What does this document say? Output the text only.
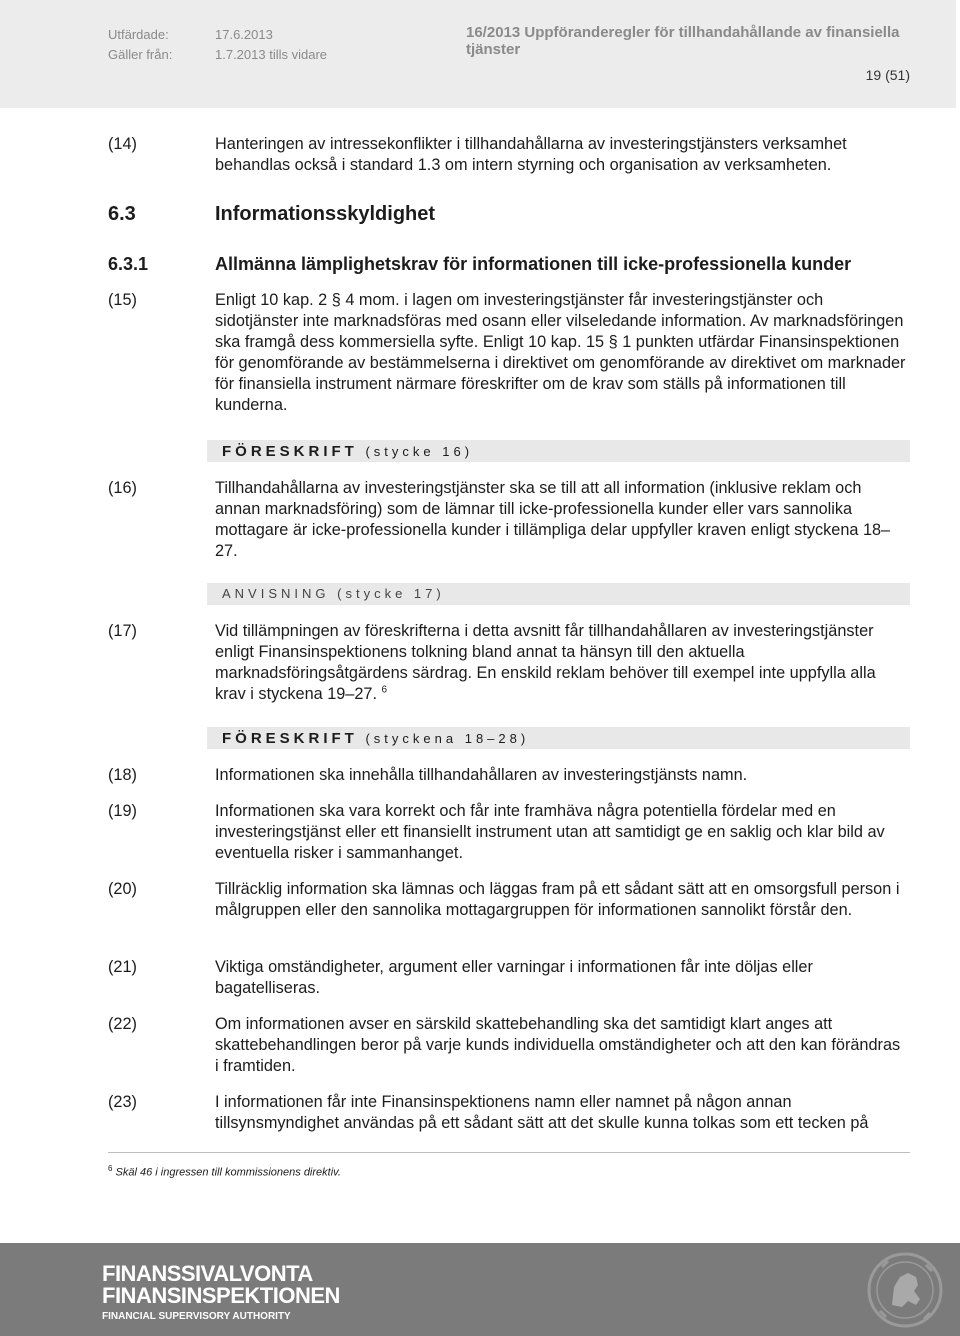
Utfärdade:	17.6.2013
Gäller från:	1.7.2013 tills vidare
16/2013 Uppföranderegler för tillhandahållande av finansiella tjänster
19 (51)
(14)	Hanteringen av intressekonflikter i tillhandahållarna av investeringstjänsters verksamhet behandlas också i standard 1.3 om intern styrning och organisation av verksamheten.
6.3	Informationsskyldighet
6.3.1	Allmänna lämplighetskrav för informationen till icke-professionella kunder
(15)	Enligt 10 kap. 2 § 4 mom. i lagen om investeringstjänster får investeringstjänster och sidotjänster inte marknadsföras med osann eller vilseledande information. Av marknadsföringen ska framgå dess kommersiella syfte. Enligt 10 kap. 15 § 1 punkten utfärdar Finansinspektionen för genomförande av bestämmelserna i direktivet om genomförande av direktivet om marknader för finansiella instrument närmare föreskrifter om de krav som ställs på informationen till kunderna.
FÖRESKRIFT (stycke 16)
(16)	Tillhandahållarna av investeringstjänster ska se till att all information (inklusive reklam och annan marknadsföring) som de lämnar till icke-professionella kunder eller vars sannolika mottagare är icke-professionella kunder i tillämpliga delar uppfyller kraven enligt styckena 18–27.
ANVISNING (stycke 17)
(17)	Vid tillämpningen av föreskrifterna i detta avsnitt får tillhandahållaren av investeringstjänster enligt Finansinspektionens tolkning bland annat ta hänsyn till den aktuella marknadsföringsåtgärdens särdrag. En enskild reklam behöver till exempel inte uppfylla alla krav i styckena 19–27. $^6$
FÖRESKRIFT (styckena 18–28)
(18)	Informationen ska innehålla tillhandahållaren av investeringstjänsts namn.
(19)	Informationen ska vara korrekt och får inte framhäva några potentiella fördelar med en investeringstjänst eller ett finansiellt instrument utan att samtidigt ge en saklig och klar bild av eventuella risker i sammanhanget.
(20)	Tillräcklig information ska lämnas och läggas fram på ett sådant sätt att en omsorgsfull person i målgruppen eller den sannolika mottagargruppen för informationen sannolikt förstår den.
(21)	Viktiga omständigheter, argument eller varningar i informationen får inte döljas eller bagatelliseras.
(22)	Om informationen avser en särskild skattebehandling ska det samtidigt klart anges att skattebehandlingen beror på varje kunds individuella omständigheter och att den kan förändras i framtiden.
(23)	I informationen får inte Finansinspektionens namn eller namnet på någon annan tillsynsmyndighet användas på ett sådant sätt att det skulle kunna tolkas som ett tecken på
$^6$ Skäl 46 i ingressen till kommissionens direktiv.
FINANSSIVALVONTA
FINANSINSPEKTIONEN
FINANCIAL SUPERVISORY AUTHORITY
